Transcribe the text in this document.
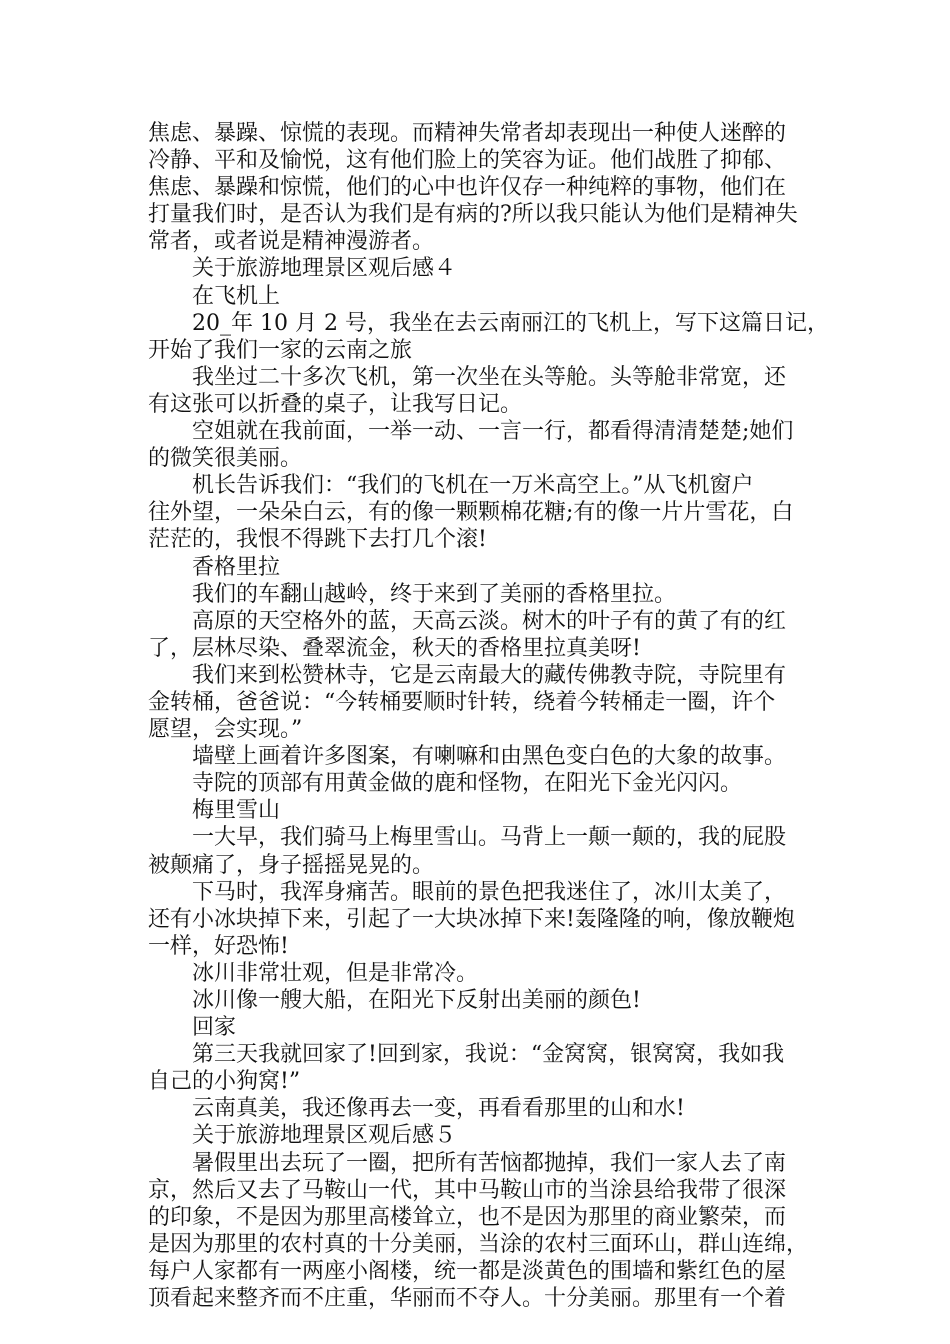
焦虑、暴躁、惊慌的表现。而精神失常者却表现出一种使人迷醉的
冷静、平和及愉悦，这有他们脸上的笑容为证。他们战胜了抑郁、
焦虑、暴躁和惊慌，他们的心中也许仅存一种纯粹的事物，他们在
打量我们时，是否认为我们是有病的?所以我只能认为他们是精神失
常者，或者说是精神漫游者。
关于旅游地理景区观后感４
在飞机上
20_年 10 月 2 号，我坐在去云南丽江的飞机上，写下这篇日记，
开始了我们一家的云南之旅
我坐过二十多次飞机，第一次坐在头等舱。头等舱非常宽，还
有这张可以折叠的桌子，让我写日记。
空姐就在我前面，一举一动、一言一行，都看得清清楚楚;她们
的微笑很美丽。
机长告诉我们：“我们的飞机在一万米高空上。”从飞机窗户
往外望，一朵朵白云，有的像一颗颗棉花糖;有的像一片片雪花，白
茫茫的，我恨不得跳下去打几个滚!
香格里拉
我们的车翻山越岭，终于来到了美丽的香格里拉。
高原的天空格外的蓝，天高云淡。树木的叶子有的黄了有的红
了，层林尽染、叠翠流金，秋天的香格里拉真美呀!
我们来到松赞林寺，它是云南最大的藏传佛教寺院，寺院里有
金转桶，爸爸说：“今转桶要顺时针转，绕着今转桶走一圈，许个
愿望，会实现。”
墙壁上画着许多图案，有喇嘛和由黑色变白色的大象的故事。
寺院的顶部有用黄金做的鹿和怪物，在阳光下金光闪闪。
梅里雪山
一大早，我们骑马上梅里雪山。马背上一颠一颠的，我的屁股
被颠痛了，身子摇摇晃晃的。
下马时，我浑身痛苦。眼前的景色把我迷住了，冰川太美了，
还有小冰块掉下来，引起了一大块冰掉下来!轰隆隆的响，像放鞭炮
一样，好恐怖!
冰川非常壮观，但是非常冷。
冰川像一艘大船，在阳光下反射出美丽的颜色!
回家
第三天我就回家了!回到家，我说：“金窝窝，银窝窝，我如我
自己的小狗窝!”
云南真美，我还像再去一变，再看看那里的山和水!
关于旅游地理景区观后感５
暑假里出去玩了一圈，把所有苦恼都抛掉，我们一家人去了南
京，然后又去了马鞍山一代，其中马鞍山市的当涂县给我带了很深
的印象，不是因为那里高楼耸立，也不是因为那里的商业繁荣，而
是因为那里的农村真的十分美丽，当涂的农村三面环山，群山连绵，
每户人家都有一两座小阁楼，统一都是淡黄色的围墙和紫红色的屋
顶看起来整齐而不庄重，华丽而不夺人。十分美丽。那里有一个着
